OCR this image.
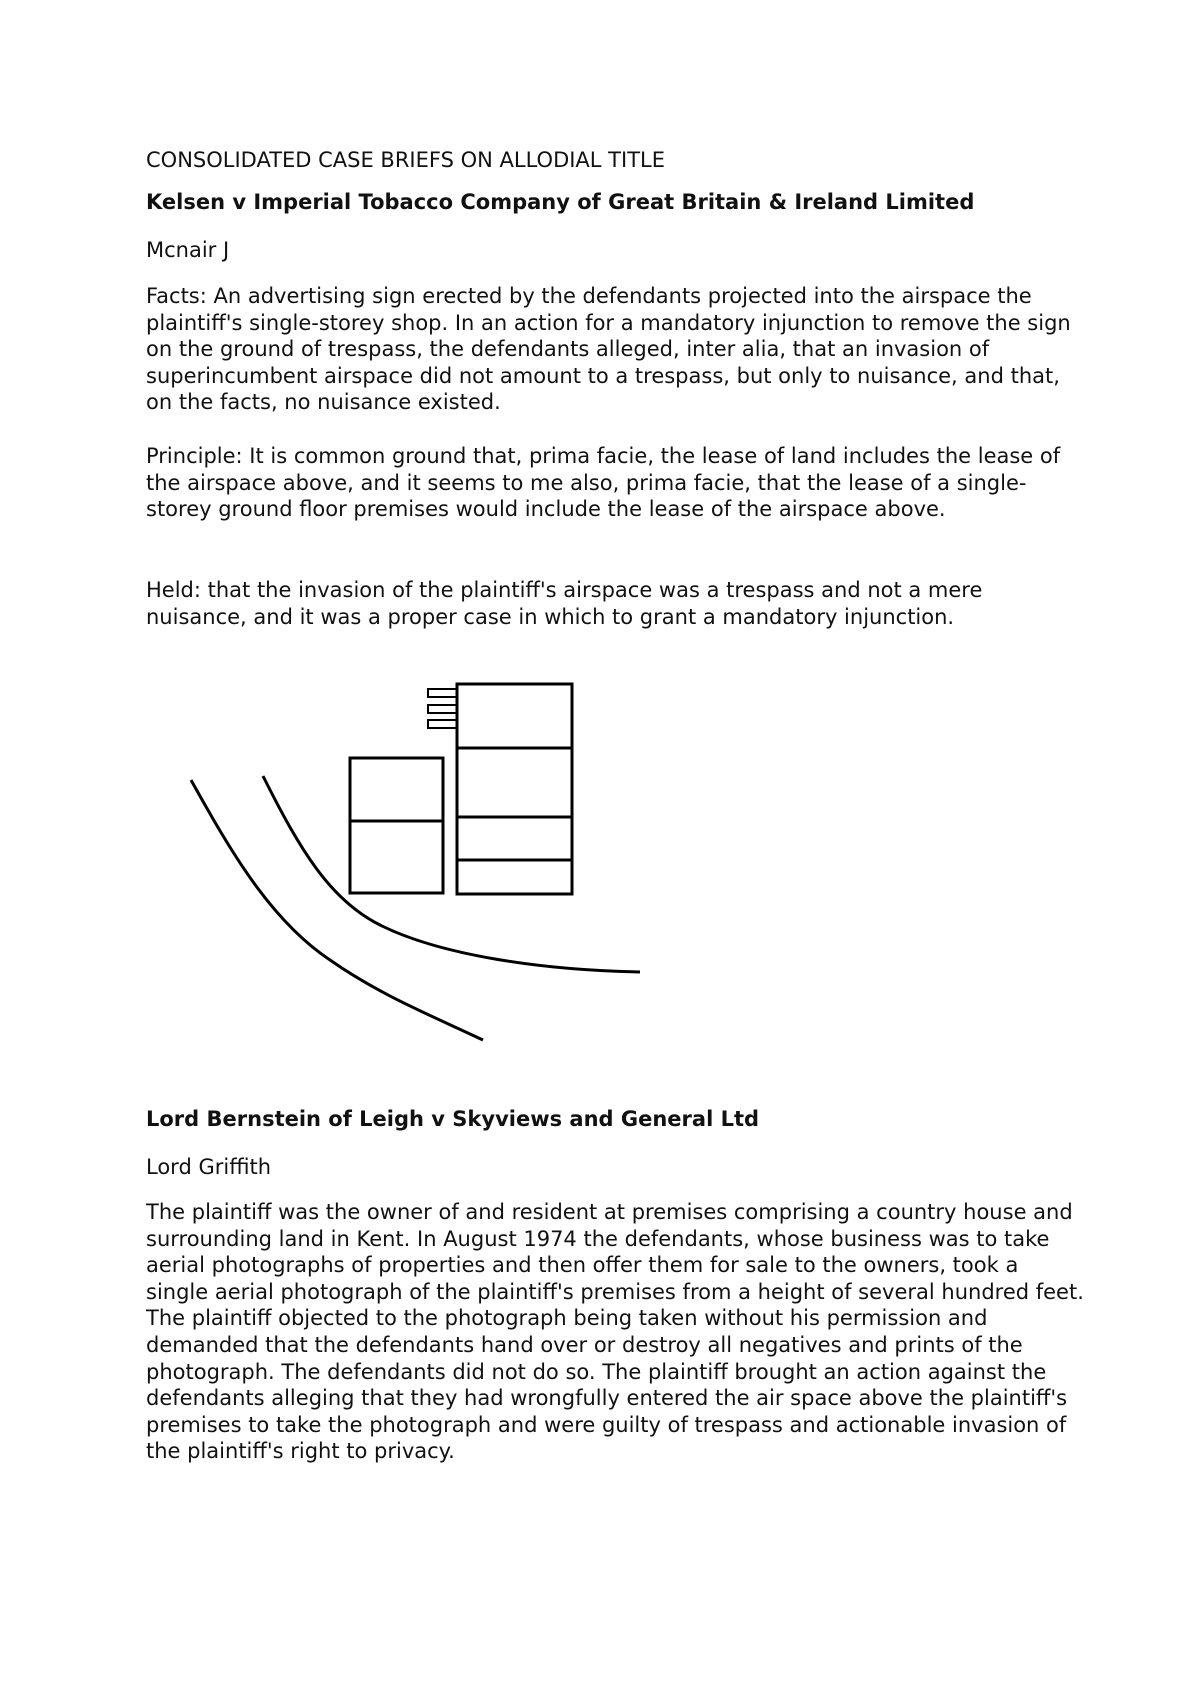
CONSOLIDATED CASE BRIEFS ON ALLODIAL TITLE

Kelsen v Imperial Tobacco Company of Great Britain & Ireland Limited

Mcnair J

Facts: An advertising sign erected by the defendants projected into the airspace the plaintiff's single-storey shop. In an action for a mandatory injunction to remove the sign on the ground of trespass, the defendants alleged, inter alia, that an invasion of superincumbent airspace did not amount to a trespass, but only to nuisance, and that, on the facts, no nuisance existed.

Principle: It is common ground that, prima facie, the lease of land includes the lease of the airspace above, and it seems to me also, prima facie, that the lease of a single-storey ground floor premises would include the lease of the airspace above.

Held: that the invasion of the plaintiff's airspace was a trespass and not a mere nuisance, and it was a proper case in which to grant a mandatory injunction.

Lord Bernstein of Leigh v Skyviews and General Ltd

Lord Griffith

The plaintiff was the owner of and resident at premises comprising a country house and surrounding land in Kent. In August 1974 the defendants, whose business was to take aerial photographs of properties and then offer them for sale to the owners, took a single aerial photograph of the plaintiff's premises from a height of several hundred feet. The plaintiff objected to the photograph being taken without his permission and demanded that the defendants hand over or destroy all negatives and prints of the photograph. The defendants did not do so. The plaintiff brought an action against the defendants alleging that they had wrongfully entered the air space above the plaintiff's premises to take the photograph and were guilty of trespass and actionable invasion of the plaintiff's right to privacy.
